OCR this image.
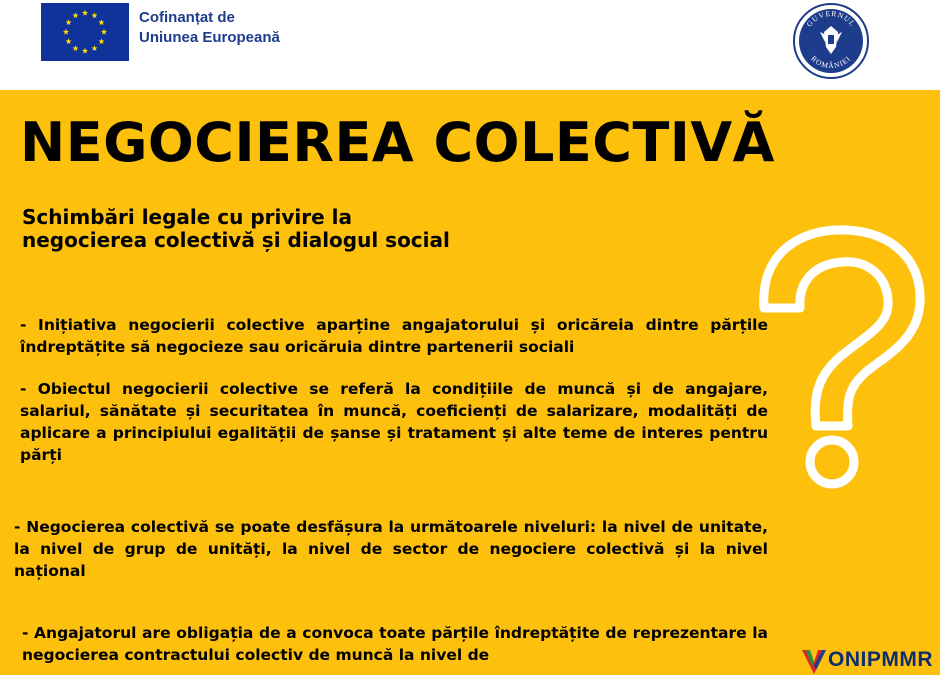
Cofinanțat de
Uniunea Europeană
GUVERNUL
ROMÂNIEI
NEGOCIEREA COLECTIVĂ
Schimbări legale cu privire la
negocierea colectivă și dialogul social

- Inițiativa negocierii colective aparține angajatorului și oricăreia dintre părțile îndreptățite să negocieze sau oricăruia dintre partenerii sociali

- Obiectul negocierii colective se referă la condițiile de muncă și de angajare, salariul, sănătate și securitatea în muncă, coeficienți de salarizare, modalități de aplicare a principiului egalității de șanse și tratament și alte teme de interes pentru părți

- Negocierea colectivă se poate desfășura la următoarele niveluri: la nivel de unitate, la nivel de grup de unități, la nivel de sector de negociere colectivă și la nivel național

- Angajatorul are obligația de a convoca toate părțile îndreptățite de reprezentare la negocierea contractului colectiv de muncă la nivel de	ONIPMMR
